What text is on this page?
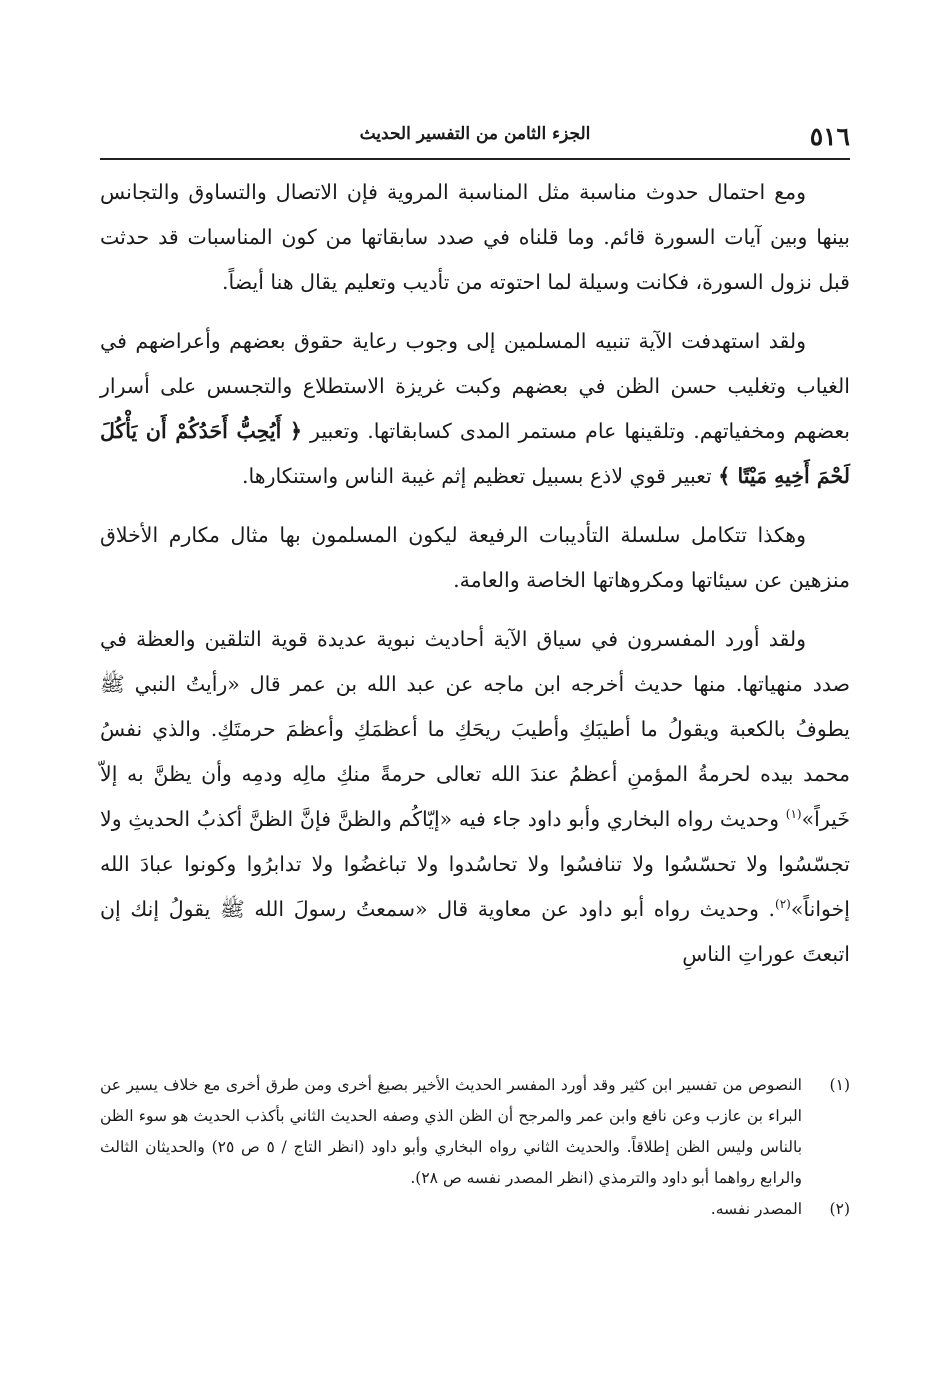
٥١٦
الجزء الثامن من التفسير الحديث

ومع احتمال حدوث مناسبة مثل المناسبة المروية فإن الاتصال والتساوق والتجانس بينها وبين آيات السورة قائم. وما قلناه في صدد سابقاتها من كون المناسبات قد حدثت قبل نزول السورة، فكانت وسيلة لما احتوته من تأديب وتعليم يقال هنا أيضاً.

ولقد استهدفت الآية تنبيه المسلمين إلى وجوب رعاية حقوق بعضهم وأعراضهم في الغياب وتغليب حسن الظن في بعضهم وكبت غريزة الاستطلاع والتجسس على أسرار بعضهم ومخفياتهم. وتلقينها عام مستمر المدى كسابقاتها. وتعبير ﴿ أَيُحِبُّ أَحَدُكُمْ أَن يَأْكُلَ لَحْمَ أَخِيهِ مَيْتًا ﴾ تعبير قوي لاذع بسبيل تعظيم إثم غيبة الناس واستنكارها.

وهكذا تتكامل سلسلة التأديبات الرفيعة ليكون المسلمون بها مثال مكارم الأخلاق منزهين عن سيئاتها ومكروهاتها الخاصة والعامة.

ولقد أورد المفسرون في سياق الآية أحاديث نبوية عديدة قوية التلقين والعظة في صدد منهياتها. منها حديث أخرجه ابن ماجه عن عبد الله بن عمر قال «رأيتُ النبي ﷺ يطوفُ بالكعبة ويقولُ ما أطيبَكِ وأطيبَ ريحَكِ ما أعظمَكِ وأعظمَ حرمتَكِ. والذي نفسُ محمد بيده لحرمةُ المؤمنِ أعظمُ عندَ الله تعالى حرمةً منكِ مالِه ودمِه وأن يظنَّ به إلاّ خَيراً»$^{(١)}$ وحديث رواه البخاري وأبو داود جاء فيه «إيّاكُم والظنَّ فإنَّ الظنَّ أكذبُ الحديثِ ولا تجسّسُوا ولا تحسّسُوا ولا تنافسُوا ولا تحاسُدوا ولا تباغضُوا ولا تدابرُوا وكونوا عبادَ الله إخواناً»$^{(٢)}$. وحديث رواه أبو داود عن معاوية قال «سمعتُ رسولَ الله ﷺ يقولُ إنك إن اتبعتَ عوراتِ الناسِ

(١)
النصوص من تفسير ابن كثير وقد أورد المفسر الحديث الأخير بصيغ أخرى ومن طرق أخرى مع خلاف يسير عن البراء بن عازب وعن نافع وابن عمر والمرجح أن الظن الذي وصفه الحديث الثاني بأكذب الحديث هو سوء الظن بالناس وليس الظن إطلاقاً. والحديث الثاني رواه البخاري وأبو داود (انظر التاج / ٥ ص ٢٥) والحديثان الثالث والرابع رواهما أبو داود والترمذي (انظر المصدر نفسه ص ٢٨).
(٢)
المصدر نفسه.
